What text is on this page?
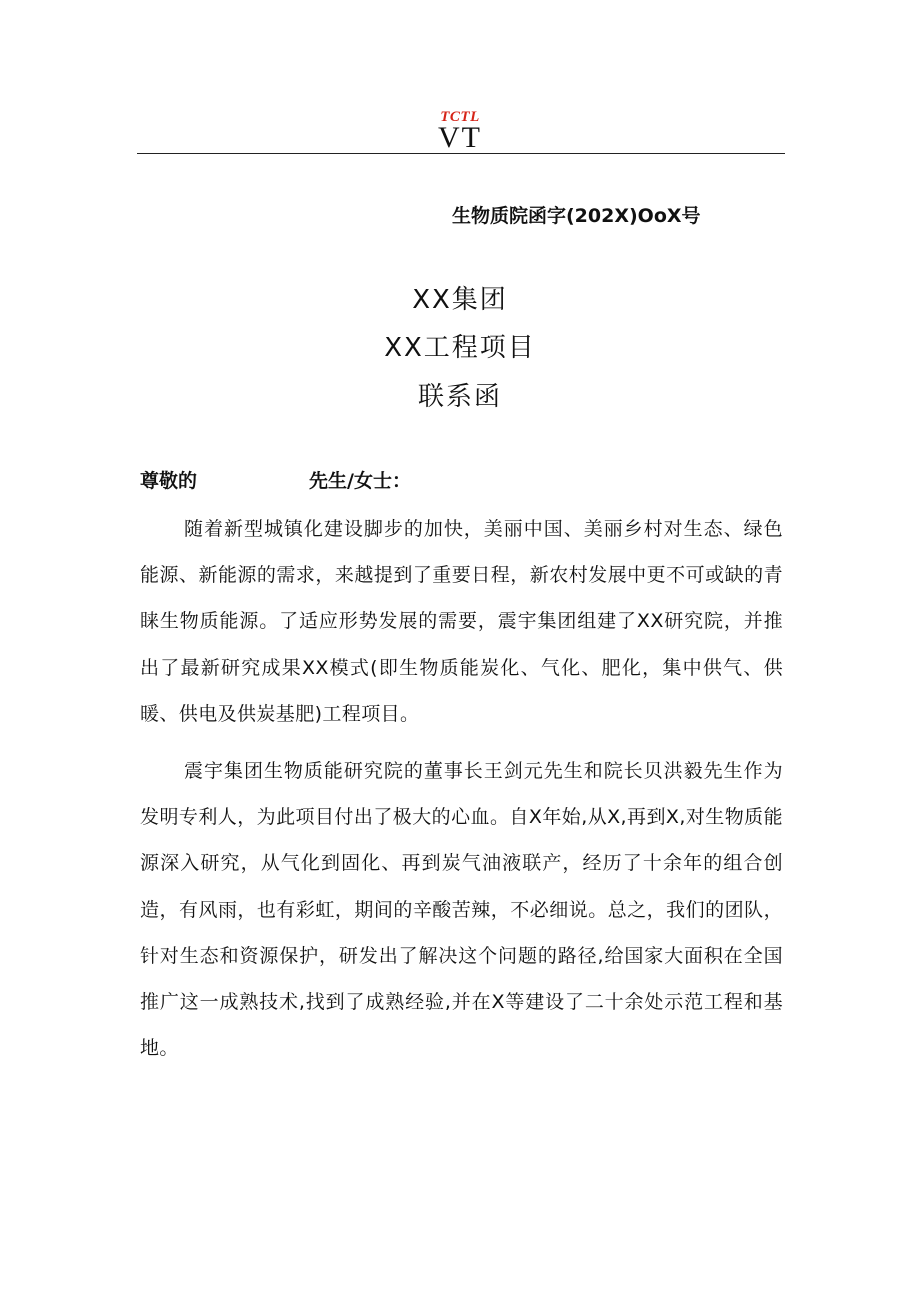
TCTL
VT
生物质院函字(202X)OoX号
XX集团
XX工程项目
联系函
尊敬的	先生/女士：

随着新型城镇化建设脚步的加快，美丽中国、美丽乡村对生态、绿色能源、新能源的需求，来越提到了重要日程，新农村发展中更不可或缺的青睐生物质能源。了适应形势发展的需要，震宇集团组建了XX研究院，并推出了最新研究成果XX模式(即生物质能炭化、气化、肥化，集中供气、供暖、供电及供炭基肥)工程项目。

震宇集团生物质能研究院的董事长王剑元先生和院长贝洪毅先生作为发明专利人，为此项目付出了极大的心血。自X年始,从X,再到X,对生物质能源深入研究，从气化到固化、再到炭气油液联产，经历了十余年的组合创造，有风雨，也有彩虹，期间的辛酸苦辣，不必细说。总之，我们的团队，针对生态和资源保护，研发出了解决这个问题的路径,给国家大面积在全国推广这一成熟技术,找到了成熟经验,并在X等建设了二十余处示范工程和基地。
